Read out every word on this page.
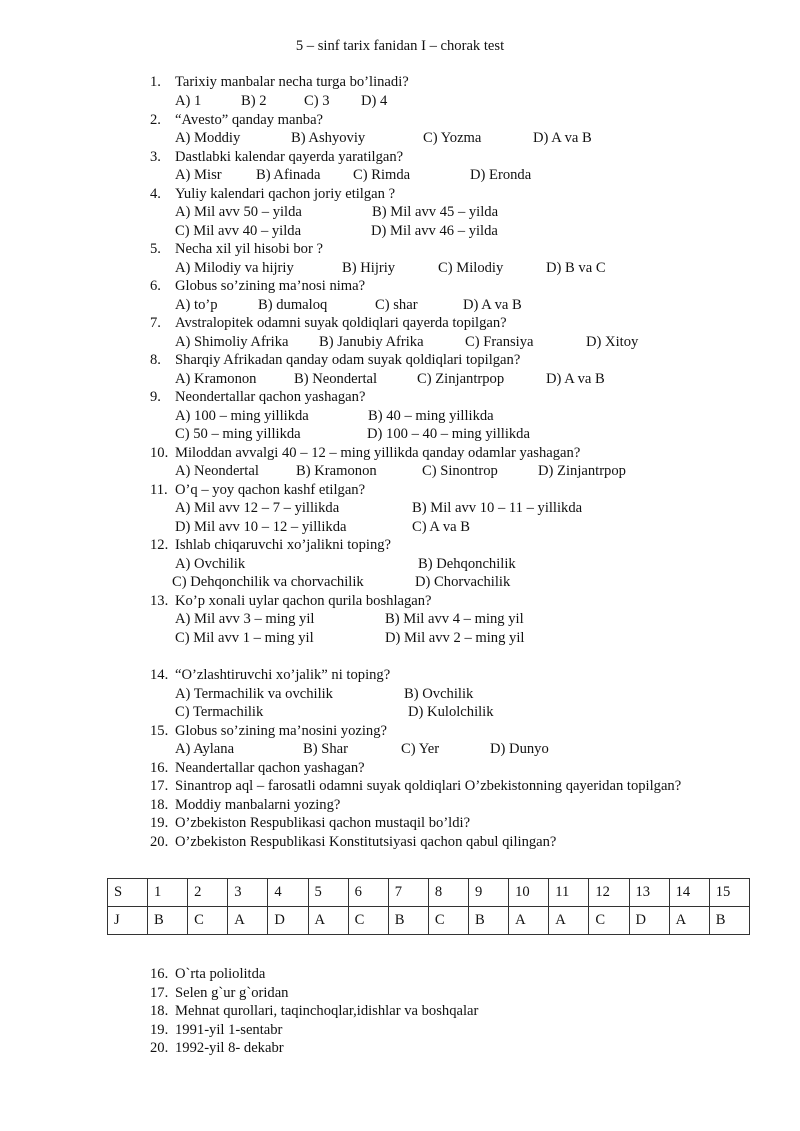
5 – sinf tarix fanidan I – chorak test
1. Tarixiy manbalar necha turga bo’linadi?
A) 1	B) 2	C) 3 D) 4
2. “Avesto” qanday manba?
A) Moddiy	B) Ashyoviy	C) Yozma	D) A va B
3. Dastlabki kalendar qayerda yaratilgan?
A) Misr B) Afinada C) Rimda	D) Eronda
4. Yuliy kalendari qachon joriy etilgan ?
A) Mil avv 50 – yilda	B) Mil avv 45 – yilda
C) Mil avv 40 – yilda	D) Mil avv 46 – yilda
5. Necha xil yil hisobi bor ?
A) Milodiy va hijriy	B) Hijriy	C) Milodiy	D) B va C
6. Globus so’zining ma’nosi nima?
A) to’p	B) dumaloq	C) shar	D) A va B
7. Avstralopitek odamni suyak qoldiqlari qayerda topilgan?
A) Shimoliy Afrika B) Janubiy Afrika	C) Fransiya	D) Xitoy
8. Sharqiy Afrikadan qanday odam suyak qoldiqlari topilgan?
A) Kramonon	B) Neondertal	C) Zinjantrpop	D) A va B
9. Neondertallar qachon yashagan?
A) 100 – ming yillikda	B) 40 – ming yillikda
C) 50 – ming yillikda	D) 100 – 40 – ming yillikda
10. Miloddan avvalgi 40 – 12 – ming yillikda qanday odamlar yashagan?
A) Neondertal	B) Kramonon	C) Sinontrop	D) Zinjantrpop
11. O’q – yoy qachon kashf etilgan?
A) Mil avv 12 – 7 – yillikda	B) Mil avv 10 – 11 – yillikda
D) Mil avv 10 – 12 – yillikda	C) A va B
12. Ishlab chiqaruvchi xo’jalikni toping?
A) Ovchilik	B) Dehqonchilik
C) Dehqonchilik va chorvachilik	D) Chorvachilik
13. Ko’p xonali uylar qachon qurila boshlagan?
A) Mil avv 3 – ming yil	B) Mil avv 4 – ming yil
C) Mil avv 1 – ming yil	D) Mil avv 2 – ming yil
14. “O’zlashtiruvchi xo’jalik” ni toping?
A) Termachilik va ovchilik	B) Ovchilik
C) Termachilik	D) Kulolchilik
15. Globus so’zining ma’nosini yozing?
A) Aylana	B) Shar	C) Yer	D) Dunyo
16. Neandertallar qachon yashagan?
17. Sinantrop aql – farosatli odamni suyak qoldiqlari O’zbekistonning qayeridan topilgan?
18. Moddiy manbalarni yozing?
19. O’zbekiston Respublikasi qachon mustaqil bo’ldi?
20. O’zbekiston Respublikasi Konstitutsiyasi qachon qabul qilingan?
S	1	2	3	4	5	6	7	8	9	10	11	12	13	14	15
J	B	C	A	D	A	C	B	C	B	A	A	C	D	A	B
16. O`rta poliolitda
17. Selen g`ur g`oridan
18. Mehnat qurollari, taqinchoqlar,idishlar va boshqalar
19. 1991-yil 1-sentabr
20. 1992-yil 8- dekabr
